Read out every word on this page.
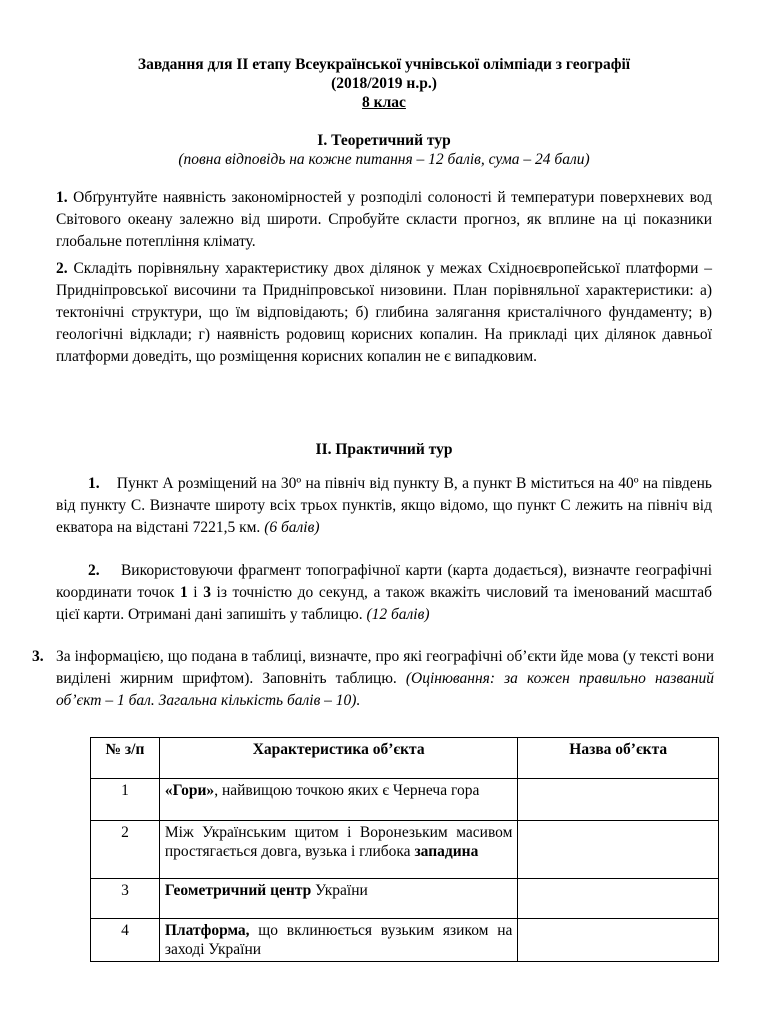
Завдання для ІІ етапу Всеукраїнської учнівської олімпіади з географії
(2018/2019 н.р.)
8 клас
І. Теоретичний тур
(повна відповідь на кожне питання – 12 балів, сума – 24 бали)
1. Обґрунтуйте наявність закономірностей у розподілі солоності й температури поверхневих вод Світового океану залежно від широти. Спробуйте скласти прогноз, як вплине на ці показники глобальне потепління клімату.
2. Складіть порівняльну характеристику двох ділянок у межах Східноєвропейської платформи – Придніпровської височини та Придніпровської низовини. План порівняльної характеристики: а) тектонічні структури, що їм відповідають; б) глибина залягання кристалічного фундаменту; в) геологічні відклади; г) наявність родовищ корисних копалин. На прикладі цих ділянок давньої платформи доведіть, що розміщення корисних копалин не є випадковим.
ІІ. Практичний тур
1. Пункт А розміщений на 30º на північ від пункту В, а пункт В міститься на 40º на південь від пункту С. Визначте широту всіх трьох пунктів, якщо відомо, що пункт С лежить на північ від екватора на відстані 7221,5 км. (6 балів)
2. Використовуючи фрагмент топографічної карти (карта додається), визначте географічні координати точок 1 і 3 із точністю до секунд, а також вкажіть числовий та іменований масштаб цієї карти. Отримані дані запишіть у таблицю. (12 балів)
3. За інформацією, що подана в таблиці, визначте, про які географічні об’єкти йде мова (у тексті вони виділені жирним шрифтом). Заповніть таблицю. (Оцінювання: за кожен правильно названий об’єкт – 1 бал. Загальна кількість балів – 10).
№ з/п	Характеристика об’єкта	Назва об’єкта
1	«Гори», найвищою точкою яких є Чернеча гора	
2	Між Українським щитом і Воронезьким масивом простягається довга, вузька і глибока западина	
3	Геометричний центр України	
4	Платформа, що вклинюється вузьким язиком на заході України	
